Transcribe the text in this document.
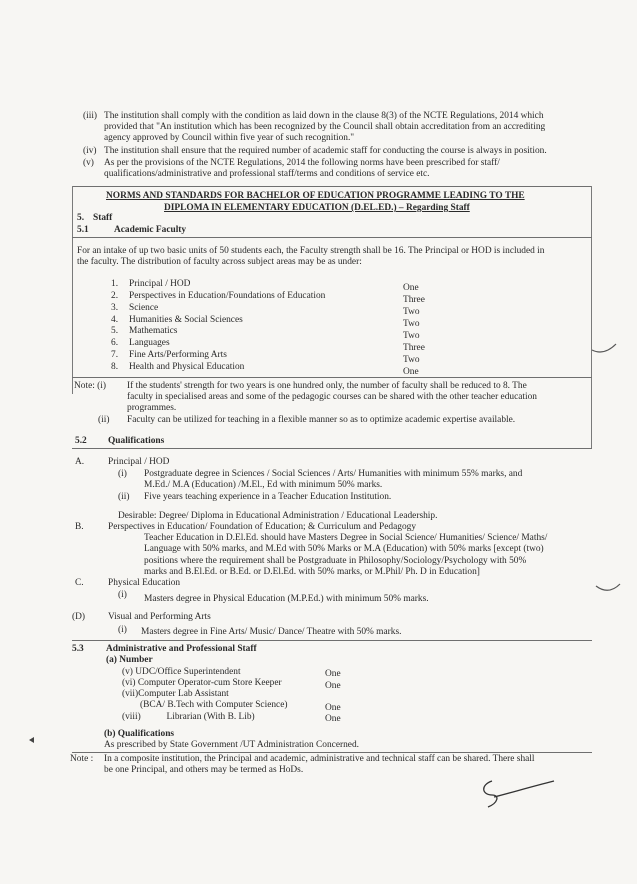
(iii) The institution shall comply with the condition as laid down in the clause 8(3) of the NCTE Regulations, 2014 which
provided that "An institution which has been recognized by the Council shall obtain accreditation from an accrediting
agency approved by Council within five year of such recognition."
(iv) The institution shall ensure that the required number of academic staff for conducting the course is always in position.
(v) As per the provisions of the NCTE Regulations, 2014 the following norms have been prescribed for staff/
qualifications/administrative and professional staff/terms and conditions of service etc.
NORMS AND STANDARDS FOR BACHELOR OF EDUCATION PROGRAMME LEADING TO THE
DIPLOMA IN ELEMENTARY EDUCATION (D.EL.ED.) – Regarding Staff
5. Staff
5.1	Academic Faculty
For an intake of up two basic units of 50 students each, the Faculty strength shall be 16. The Principal or HOD is included in
the faculty. The distribution of faculty across subject areas may be as under:
1. Principal / HOD	One
2. Perspectives in Education/Foundations of Education	Three
3. Science	Two
4. Humanities & Social Sciences	Two
5. Mathematics	Two
6. Languages	Three
7. Fine Arts/Performing Arts	Two
8. Health and Physical Education	One
Note: (i) If the students' strength for two years is one hundred only, the number of faculty shall be reduced to 8. The
faculty in specialised areas and some of the pedagogic courses can be shared with the other teacher education
programmes.
(ii) Faculty can be utilized for teaching in a flexible manner so as to optimize academic expertise available.
5.2 Qualifications
A.	Principal / HOD
(i) Postgraduate degree in Sciences / Social Sciences / Arts/ Humanities with minimum 55% marks, and
M.Ed./ M.A (Education) /M.El., Ed with minimum 50% marks.
(ii) Five years teaching experience in a Teacher Education Institution.
Desirable: Degree/ Diploma in Educational Administration / Educational Leadership.
B.	Perspectives in Education/ Foundation of Education; & Curriculum and Pedagogy
Teacher Education in D.El.Ed. should have Masters Degree in Social Science/ Humanities/ Science/ Maths/
Language with 50% marks, and M.Ed with 50% Marks or M.A (Education) with 50% marks [except (two)
positions where the requirement shall be Postgraduate in Philosophy/Sociology/Psychology with 50%
marks and B.El.Ed. or B.Ed. or D.El.Ed. with 50% marks, or M.Phil/ Ph. D in Education]
C.	Physical Education
(i) Masters degree in Physical Education (M.P.Ed.) with minimum 50% marks.
(D) Visual and Performing Arts
(i) Masters degree in Fine Arts/ Music/ Dance/ Theatre with 50% marks.
5.3 Administrative and Professional Staff
(a) Number
(v) UDC/Office Superintendent	One
(vi) Computer Operator-cum Store Keeper	One
(vii)Computer Lab Assistant
(BCA/ B.Tech with Computer Science)	One
(viii)           Librarian (With B. Lib)	One
(b) Qualifications
As prescribed by State Government /UT Administration Concerned.
Note : In a composite institution, the Principal and academic, administrative and technical staff can be shared. There shall
be one Principal, and others may be termed as HoDs.
